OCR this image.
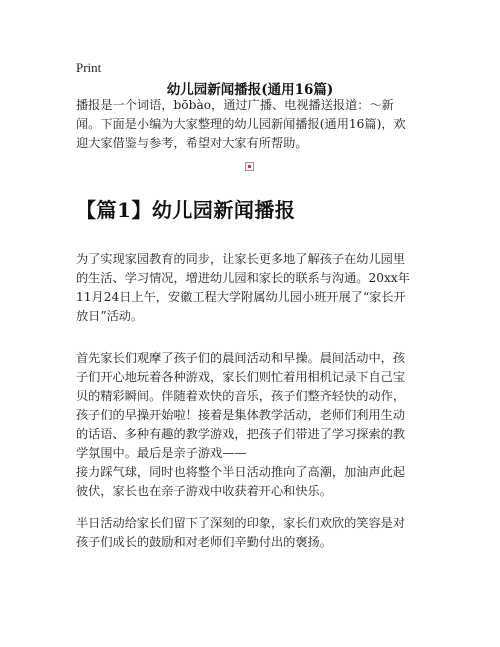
Print
幼儿园新闻播报(通用16篇)

播报是一个词语，bōbào，通过广播、电视播送报道：～新
闻。下面是小编为大家整理的幼儿园新闻播报(通用16篇)，欢
迎大家借鉴与参考，希望对大家有所帮助。

【篇1】幼儿园新闻播报

为了实现家园教育的同步，让家长更多地了解孩子在幼儿园里
的生活、学习情况，增进幼儿园和家长的联系与沟通。20xx年
11月24日上午，安徽工程大学附属幼儿园小班开展了“家长开
放日”活动。

首先家长们观摩了孩子们的晨间活动和早操。晨间活动中，孩
子们开心地玩着各种游戏，家长们则忙着用相机记录下自己宝
贝的精彩瞬间。伴随着欢快的音乐，孩子们整齐轻快的动作，
孩子们的早操开始啦！接着是集体教学活动，老师们利用生动
的话语、多种有趣的教学游戏，把孩子们带进了学习探索的教
学氛围中。最后是亲子游戏——
接力踩气球，同时也将整个半日活动推向了高潮，加油声此起
彼伏，家长也在亲子游戏中收获着开心和快乐。

半日活动给家长们留下了深刻的印象，家长们欢欣的笑容是对
孩子们成长的鼓励和对老师们辛勤付出的褒扬。
